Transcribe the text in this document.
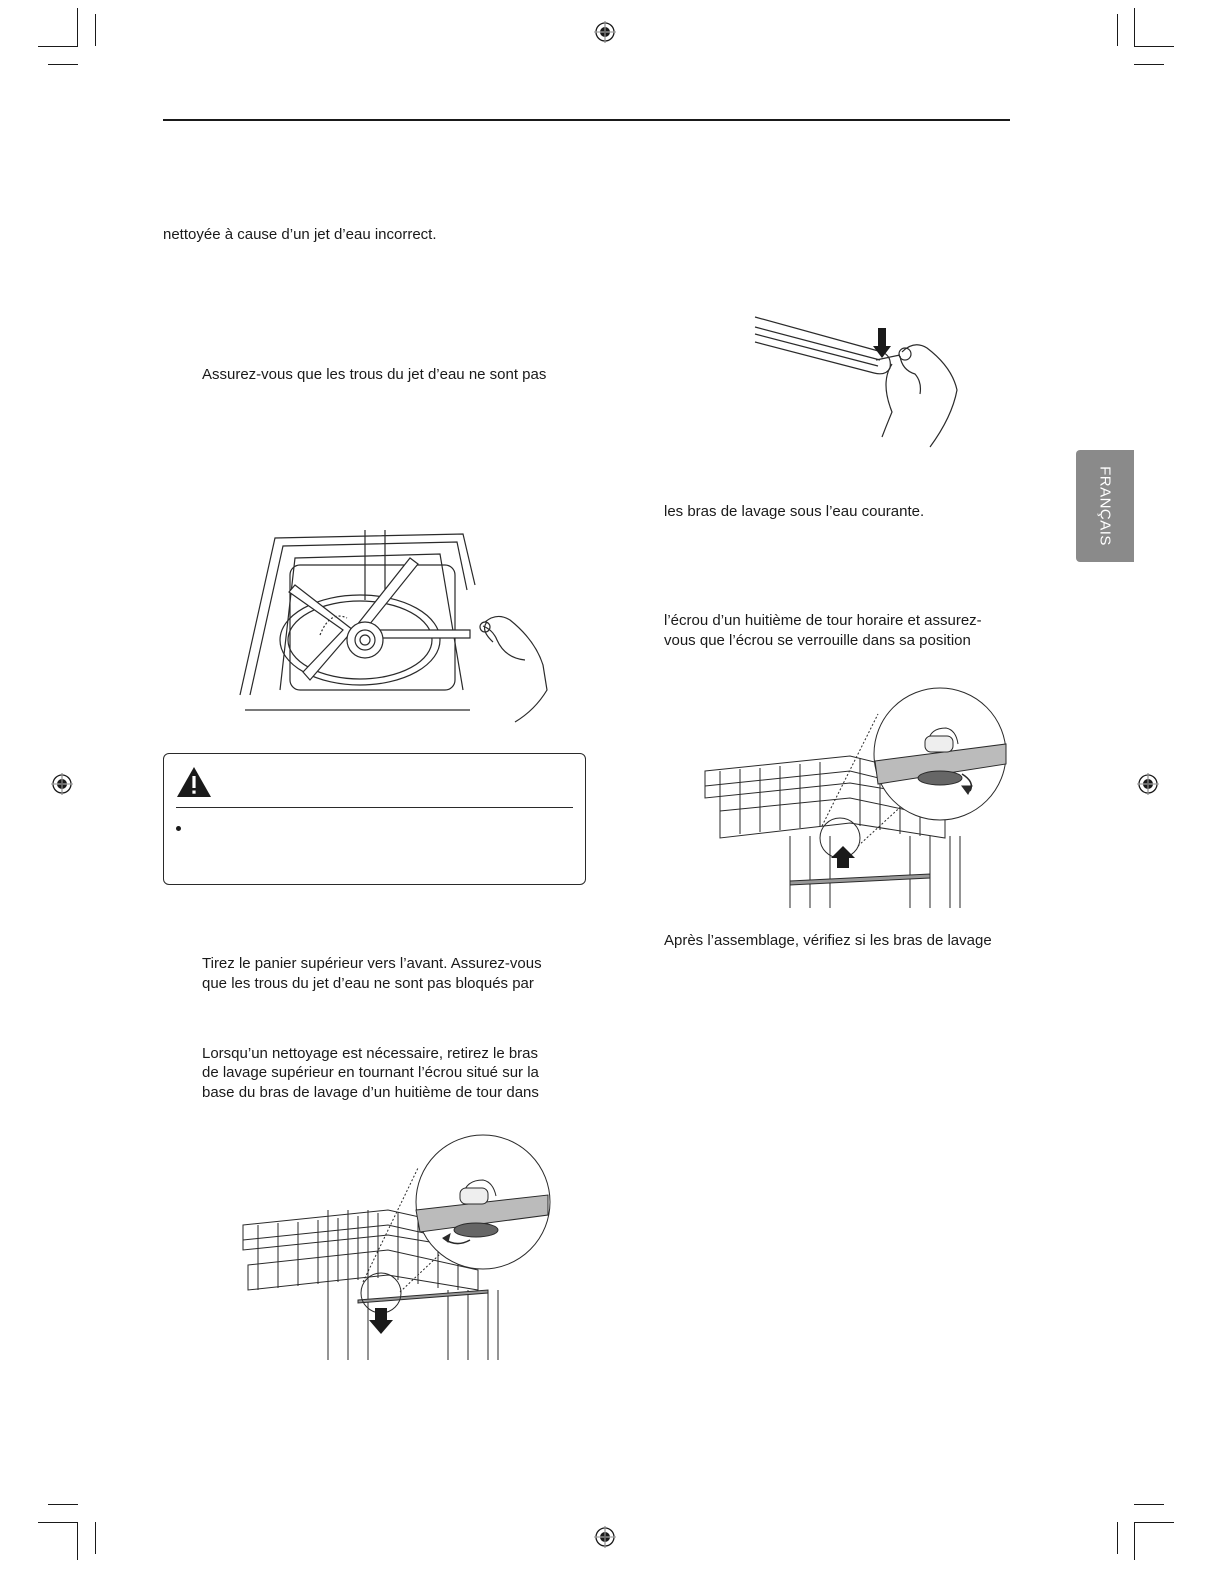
FRANÇAIS
nettoyée à cause d’un jet d’eau incorrect.
Assurez-vous que les trous du jet d’eau ne sont pas
Tirez le panier supérieur vers l’avant. Assurez-vous
que les trous du jet d’eau ne sont pas bloqués par
Lorsqu’un nettoyage est nécessaire, retirez le bras
de lavage supérieur en tournant l’écrou situé sur la
base du bras de lavage d’un huitième de tour dans
les bras de lavage sous l’eau courante.
l’écrou d’un huitième de tour horaire et assurez-
vous que l’écrou se verrouille dans sa position
Après l’assemblage, vérifiez si les bras de lavage
